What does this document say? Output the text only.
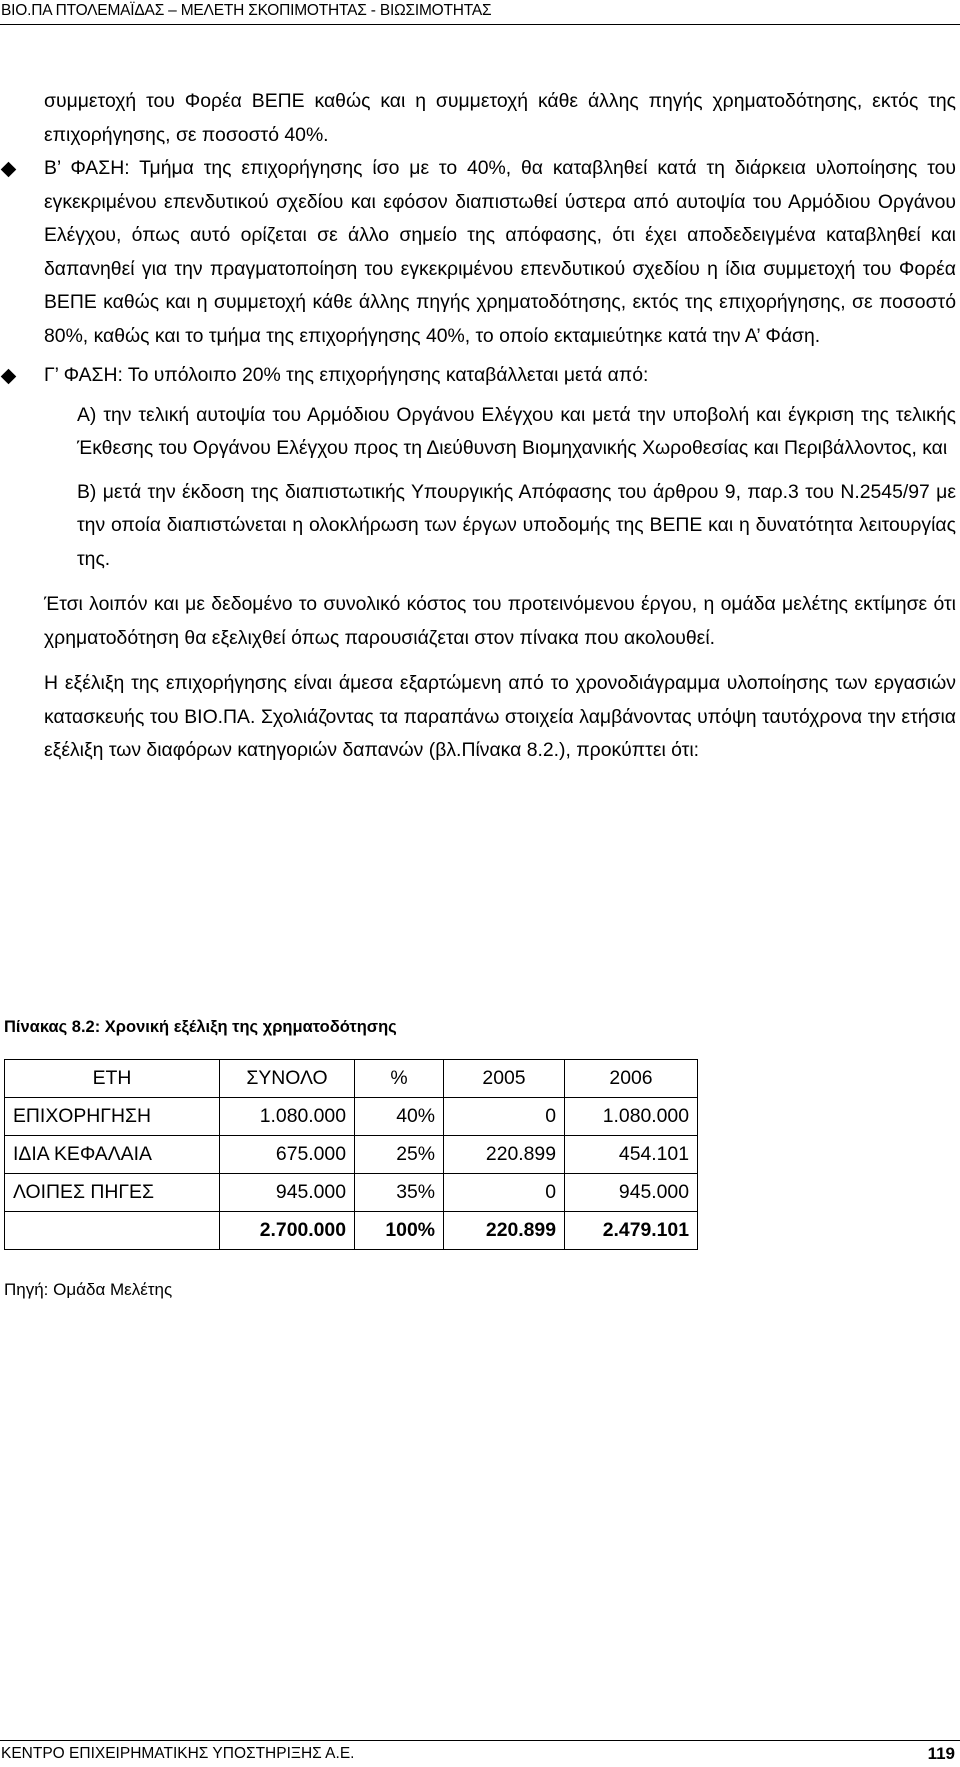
ΒΙΟ.ΠΑ ΠΤΟΛΕΜΑΪΔΑΣ – ΜΕΛΕΤΗ ΣΚΟΠΙΜΟΤΗΤΑΣ - ΒΙΩΣΙΜΟΤΗΤΑΣ

συμμετοχή του Φορέα ΒΕΠΕ καθώς και η συμμετοχή κάθε άλλης πηγής χρηματοδότησης, εκτός της επιχορήγησης, σε ποσοστό 40%.

Β’ ΦΑΣΗ: Τμήμα της επιχορήγησης ίσο με το 40%, θα καταβληθεί κατά τη διάρκεια υλοποίησης του εγκεκριμένου επενδυτικού σχεδίου και εφόσον διαπιστωθεί ύστερα από αυτοψία του Αρμόδιου Οργάνου Ελέγχου, όπως αυτό ορίζεται σε άλλο σημείο της απόφασης, ότι έχει αποδεδειγμένα καταβληθεί και δαπανηθεί για την πραγματοποίηση του εγκεκριμένου επενδυτικού σχεδίου η ίδια συμμετοχή του Φορέα ΒΕΠΕ καθώς και η συμμετοχή κάθε άλλης πηγής χρηματοδότησης, εκτός της επιχορήγησης, σε ποσοστό 80%, καθώς και το τμήμα της επιχορήγησης 40%, το οποίο εκταμιεύτηκε κατά την Α’ Φάση.

Γ’ ΦΑΣΗ: Το υπόλοιπο 20% της επιχορήγησης καταβάλλεται μετά από:

Α) την τελική αυτοψία του Αρμόδιου Οργάνου Ελέγχου και μετά την υποβολή και έγκριση της τελικής Έκθεσης του Οργάνου Ελέγχου προς τη Διεύθυνση Βιομηχανικής Χωροθεσίας και Περιβάλλοντος, και

Β) μετά την έκδοση της διαπιστωτικής Υπουργικής Απόφασης του άρθρου 9, παρ.3 του Ν.2545/97 με την οποία διαπιστώνεται η ολοκλήρωση των έργων υποδομής της ΒΕΠΕ και η δυνατότητα λειτουργίας της.

Έτσι λοιπόν και με δεδομένο το συνολικό κόστος του προτεινόμενου έργου, η ομάδα μελέτης εκτίμησε ότι χρηματοδότηση θα εξελιχθεί όπως παρουσιάζεται στον πίνακα που ακολουθεί.

Η εξέλιξη της επιχορήγησης είναι άμεσα εξαρτώμενη από το χρονοδιάγραμμα υλοποίησης των εργασιών κατασκευής του ΒΙΟ.ΠΑ. Σχολιάζοντας τα παραπάνω στοιχεία λαμβάνοντας υπόψη ταυτόχρονα την ετήσια εξέλιξη των διαφόρων κατηγοριών δαπανών (βλ.Πίνακα 8.2.), προκύπτει ότι:

Πίνακας 8.2: Χρονική εξέλιξη της χρηματοδότησης
ΕΤΗ	ΣΥΝΟΛΟ	%	2005	2006
ΕΠΙΧΟΡΗΓΗΣΗ	1.080.000	40%	0	1.080.000
ΙΔΙΑ ΚΕΦΑΛΑΙΑ	675.000	25%	220.899	454.101
ΛΟΙΠΕΣ ΠΗΓΕΣ	945.000	35%	0	945.000
	2.700.000	100%	220.899	2.479.101
Πηγή: Ομάδα Μελέτης
ΚΕΝΤΡΟ ΕΠΙΧΕΙΡΗΜΑΤΙΚΗΣ ΥΠΟΣΤΗΡΙΞΗΣ Α.Ε.	119
